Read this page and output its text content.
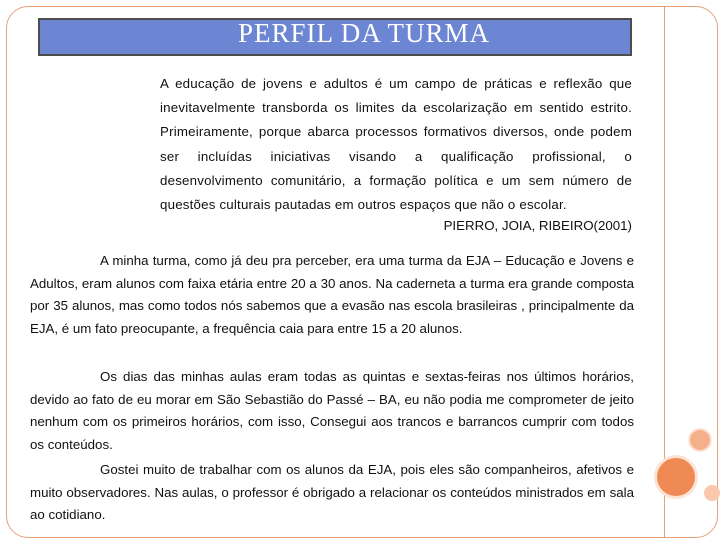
PERFIL DA TURMA

A educação de jovens e adultos é um campo de práticas e reflexão que inevitavelmente transborda os limites da escolarização em sentido estrito. Primeiramente, porque abarca processos formativos diversos, onde podem ser incluídas iniciativas visando a qualificação profissional, o desenvolvimento comunitário, a formação política e um sem número de questões culturais pautadas em outros espaços que não o escolar.

PIERRO, JOIA, RIBEIRO(2001)

A minha turma, como já deu pra perceber, era uma turma da EJA – Educação e Jovens e Adultos, eram alunos com faixa etária entre 20 a 30 anos. Na caderneta a turma era grande composta por 35 alunos, mas como todos nós sabemos que a evasão nas escola brasileiras , principalmente da EJA, é um fato preocupante, a frequência caia para entre 15 a 20 alunos.

Os dias das minhas aulas eram todas as quintas e sextas-feiras nos últimos horários, devido ao fato de eu morar em São Sebastião do Passé – BA, eu não podia me comprometer de jeito nenhum com os primeiros horários, com isso, Consegui aos trancos e barrancos cumprir com todos os conteúdos.

Gostei muito de trabalhar com os alunos da EJA, pois eles são companheiros, afetivos e muito observadores. Nas aulas, o professor é obrigado a relacionar os conteúdos ministrados em sala ao cotidiano.
